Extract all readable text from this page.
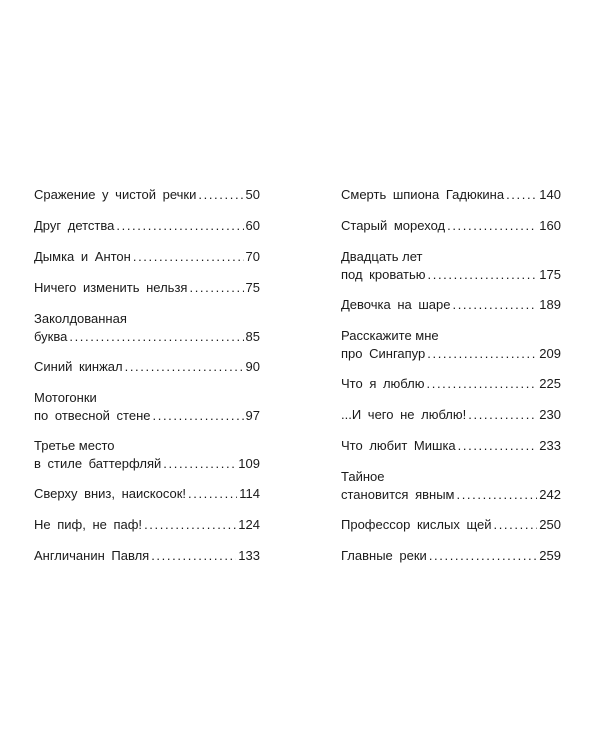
Сражение у чистой речки . . .	50
Друг детства . . .	60
Дымка и Антон . . .	70
Ничего изменить нельзя . . .	75
Заколдованная
буква . . .	85
Синий кинжал . . .	90
Мотогонки
по отвесной стене . . .	97
Третье место
в стиле баттерфляй . . .	109
Сверху вниз, наискосок! . . .	114
Не пиф, не паф! . . .	124
Англичанин Павля . . .	133
Смерть шпиона Гадюкина . . .	140
Старый мореход . . .	160
Двадцать лет
под кроватью . . .	175
Девочка на шаре . . .	189
Расскажите мне
про Сингапур . . .	209
Что я люблю . . .	225
...И чего не люблю! . . .	230
Что любит Мишка . . .	233
Тайное
становится явным . . .	242
Профессор кислых щей . . .	250
Главные реки . . .	259
